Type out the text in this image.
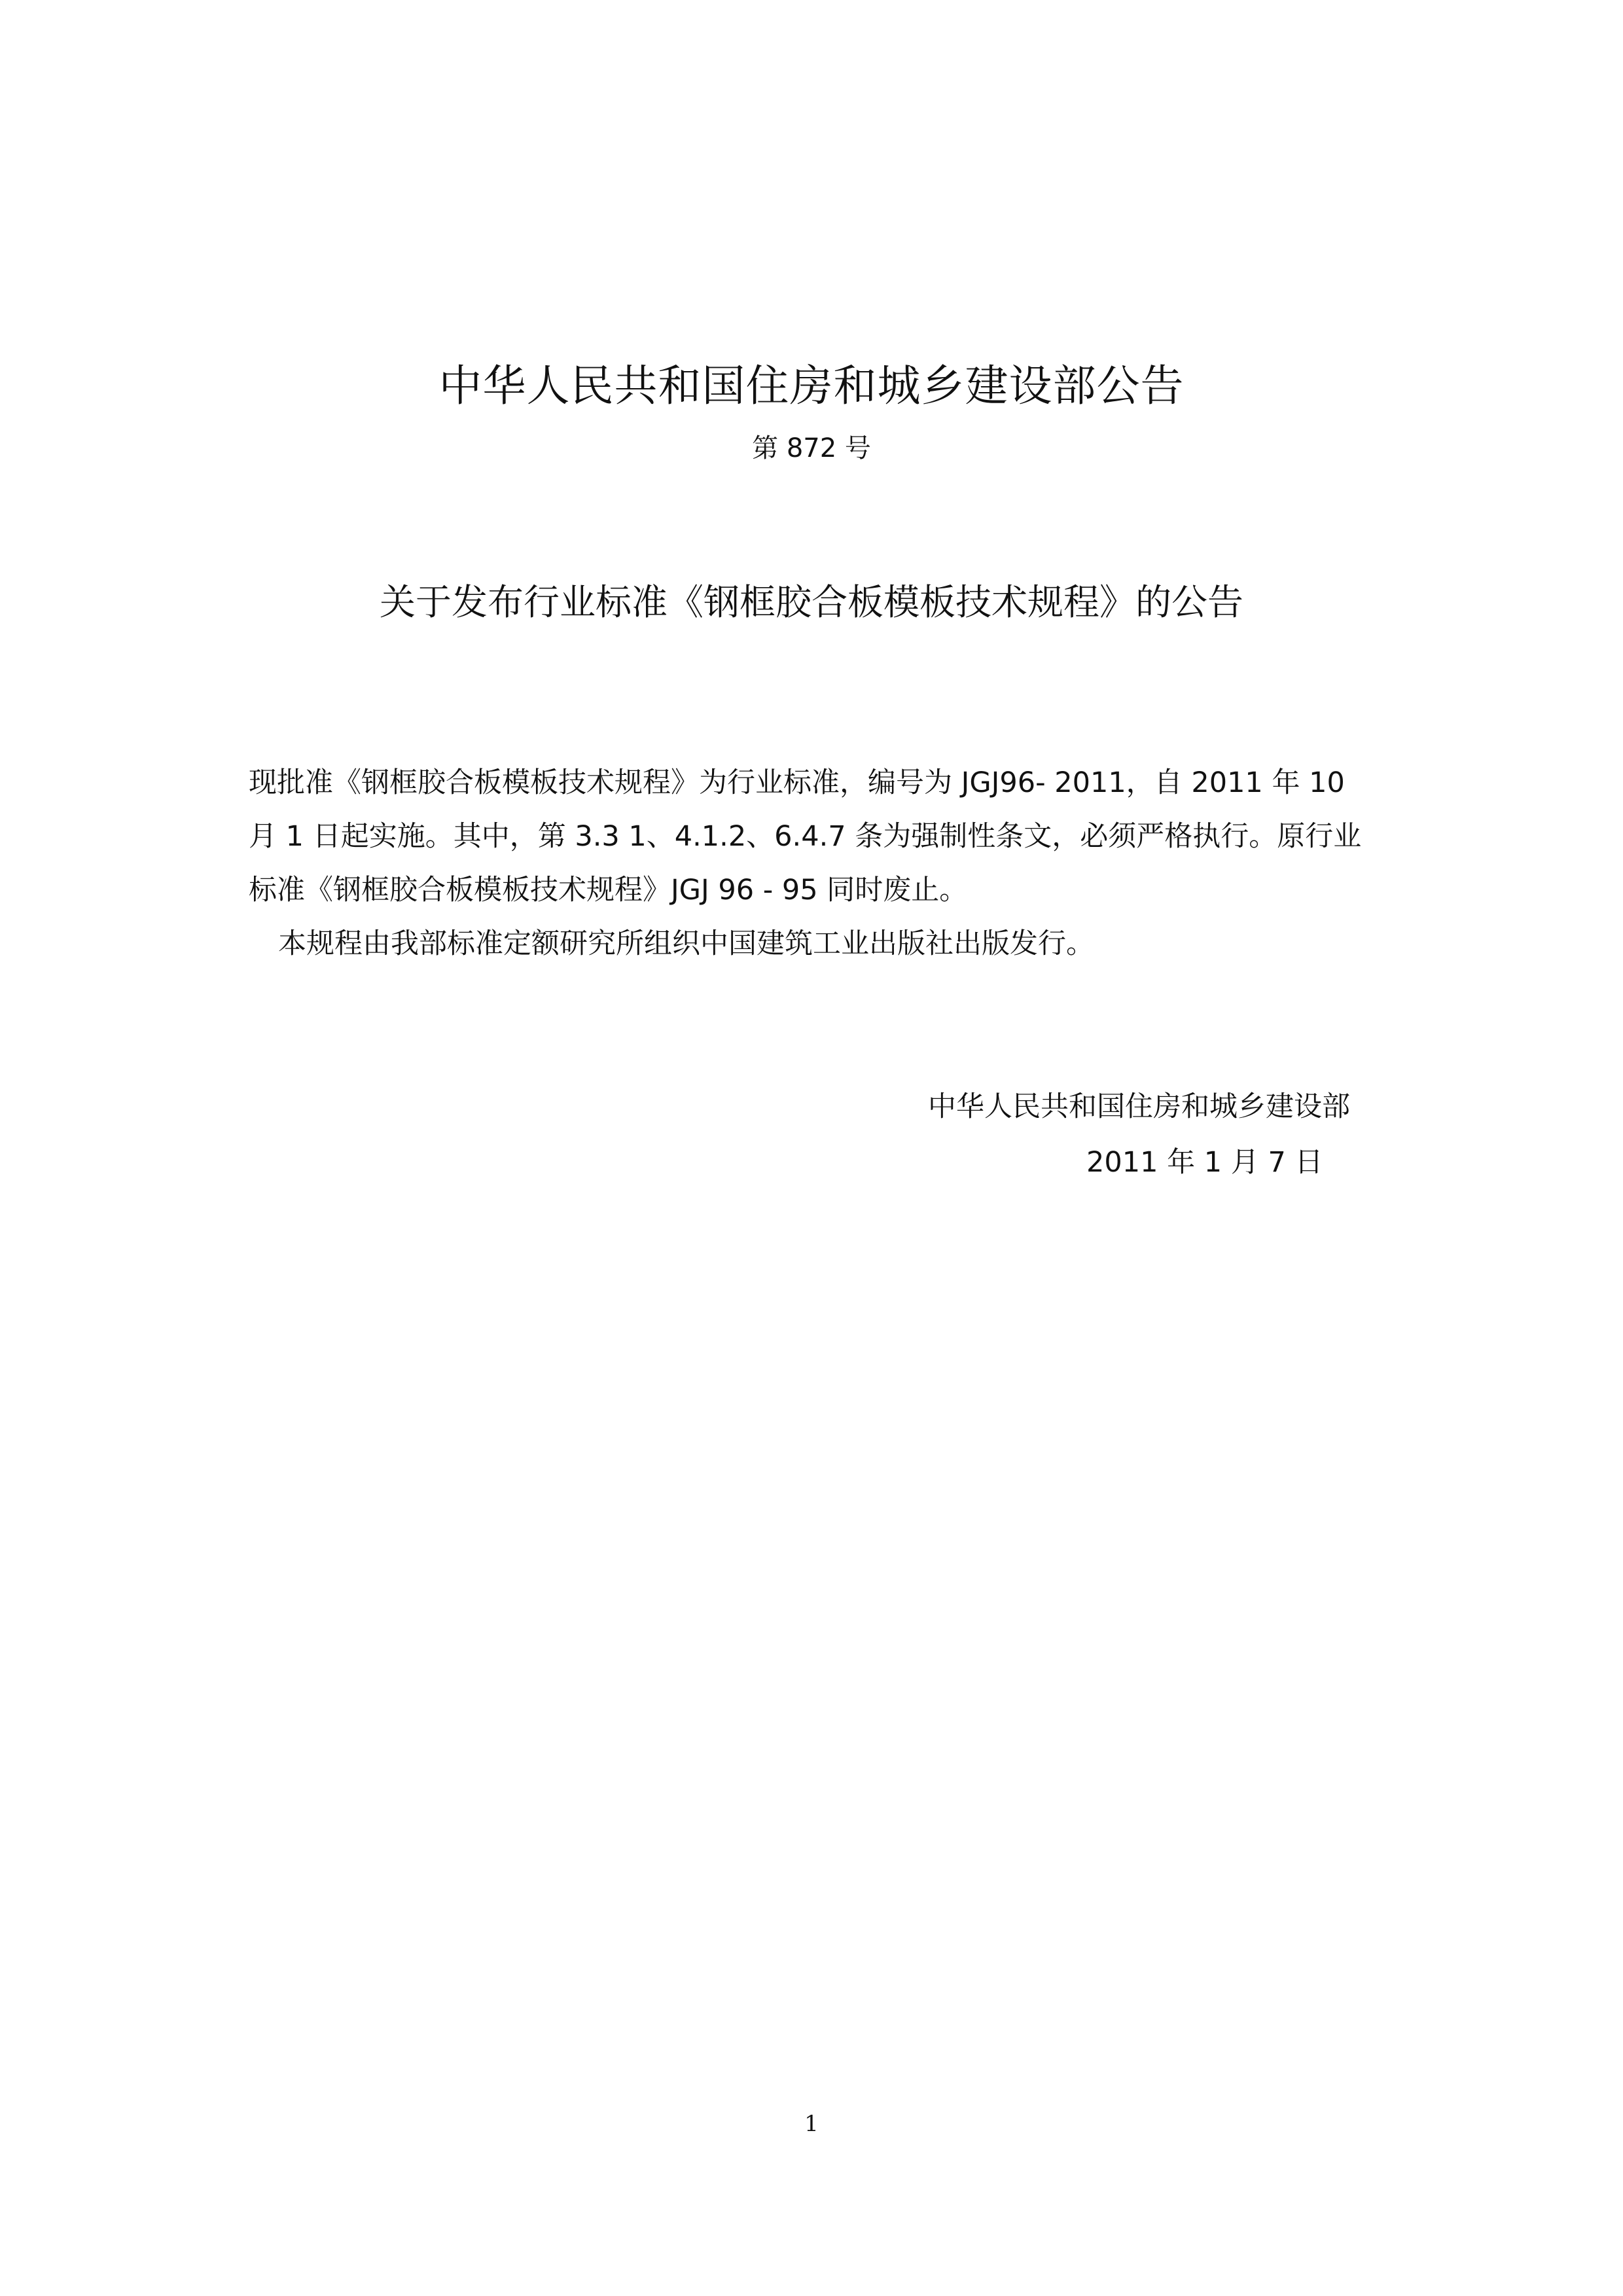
中华人民共和国住房和城乡建设部公告
第 872 号
关于发布行业标准《钢框胶合板模板技术规程》的公告
现批准《钢框胶合板模板技术规程》为行业标准，编号为 JGJ96- 2011，自 2011 年 10
月 1 日起实施。其中，第 3.3 1、4.1.2、6.4.7 条为强制性条文，必须严格执行。原行业
标准《钢框胶合板模板技术规程》JGJ 96 - 95 同时废止。
本规程由我部标准定额研究所组织中国建筑工业出版社出版发行。
中华人民共和国住房和城乡建设部
2011 年 1 月 7 日
1
